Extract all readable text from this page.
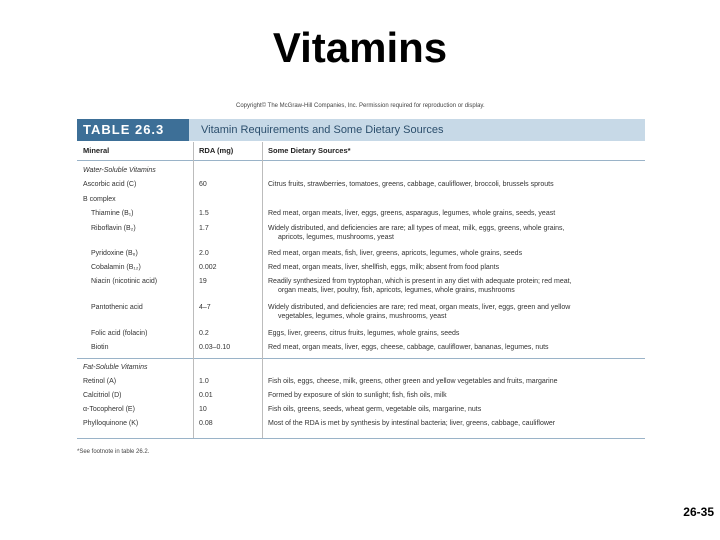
Vitamins
Copyright© The McGraw-Hill Companies, Inc. Permission required for reproduction or display.
TABLE 26.3	Vitamin Requirements and Some Dietary Sources
Mineral	RDA (mg)	Some Dietary Sources*
Water-Soluble Vitamins
Ascorbic acid (C)	60	Citrus fruits, strawberries, tomatoes, greens, cabbage, cauliflower, broccoli, brussels sprouts
B complex
Thiamine (B₁)	1.5	Red meat, organ meats, liver, eggs, greens, asparagus, legumes, whole grains, seeds, yeast
Riboflavin (B₂)	1.7	Widely distributed, and deficiencies are rare; all types of meat, milk, eggs, greens, whole grains,
apricots, legumes, mushrooms, yeast
Pyridoxine (B₆)	2.0	Red meat, organ meats, fish, liver, greens, apricots, legumes, whole grains, seeds
Cobalamin (B₁₂)	0.002	Red meat, organ meats, liver, shellfish, eggs, milk; absent from food plants
Niacin (nicotinic acid)	19	Readily synthesized from tryptophan, which is present in any diet with adequate protein; red meat,
organ meats, liver, poultry, fish, apricots, legumes, whole grains, mushrooms
Pantothenic acid	4–7	Widely distributed, and deficiencies are rare; red meat, organ meats, liver, eggs, green and yellow
vegetables, legumes, whole grains, mushrooms, yeast
Folic acid (folacin)	0.2	Eggs, liver, greens, citrus fruits, legumes, whole grains, seeds
Biotin	0.03–0.10	Red meat, organ meats, liver, eggs, cheese, cabbage, cauliflower, bananas, legumes, nuts
Fat-Soluble Vitamins
Retinol (A)	1.0	Fish oils, eggs, cheese, milk, greens, other green and yellow vegetables and fruits, margarine
Calcitriol (D)	0.01	Formed by exposure of skin to sunlight; fish, fish oils, milk
α-Tocopherol (E)	10	Fish oils, greens, seeds, wheat germ, vegetable oils, margarine, nuts
Phylloquinone (K)	0.08	Most of the RDA is met by synthesis by intestinal bacteria; liver, greens, cabbage, cauliflower
*See footnote in table 26.2.
26-35
